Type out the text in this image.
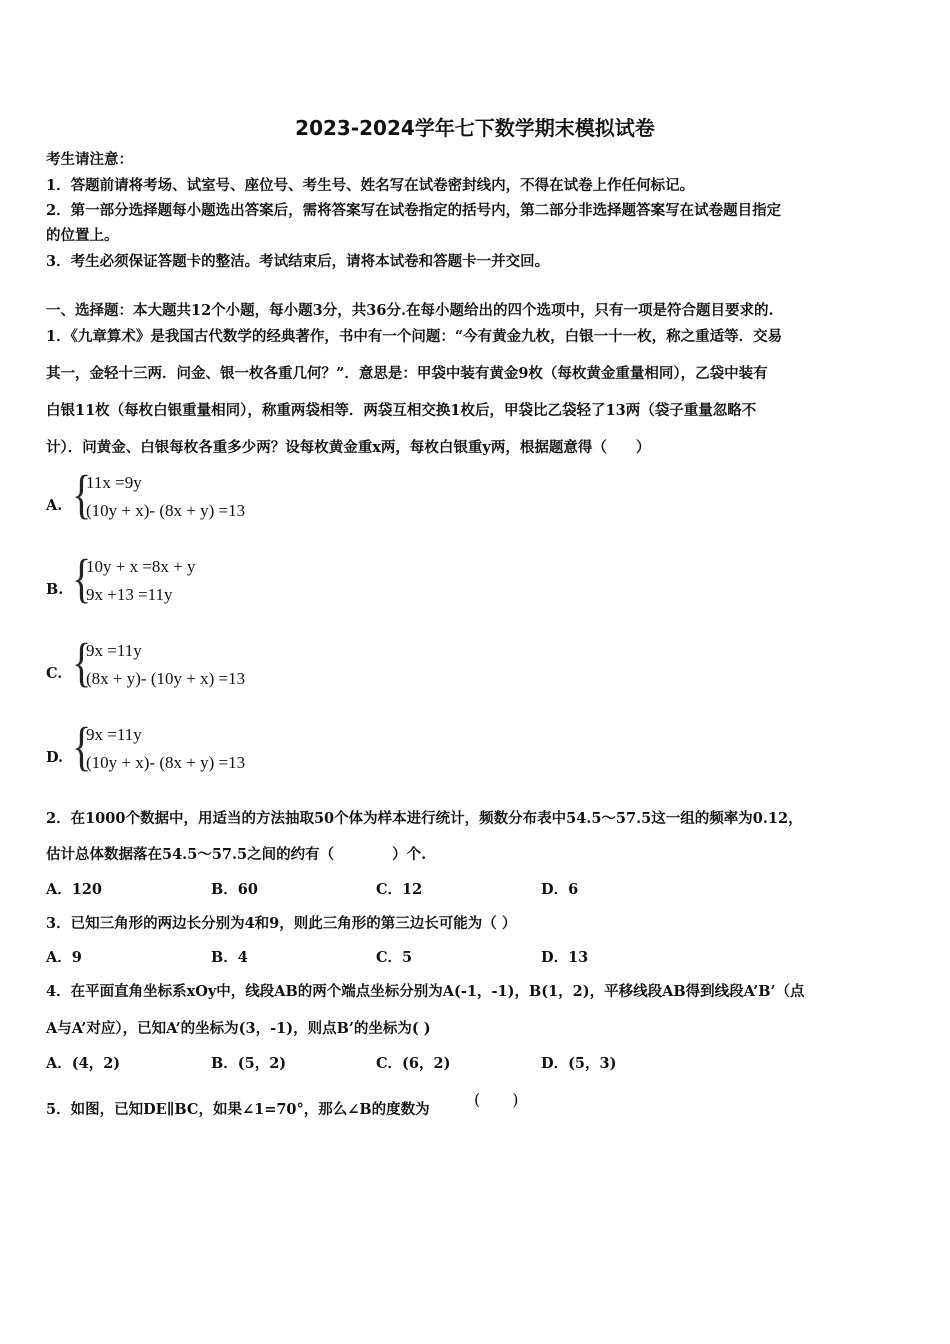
2023-2024学年七下数学期末模拟试卷
考生请注意：
1．答题前请将考场、试室号、座位号、考生号、姓名写在试卷密封线内，不得在试卷上作任何标记。
2．第一部分选择题每小题选出答案后，需将答案写在试卷指定的括号内，第二部分非选择题答案写在试卷题目指定
的位置上。
3．考生必须保证答题卡的整洁。考试结束后，请将本试卷和答题卡一并交回。
一、选择题：本大题共12个小题，每小题3分，共36分.在每小题给出的四个选项中，只有一项是符合题目要求的.
1．《九章算术》是我国古代数学的经典著作，书中有一个问题：“今有黄金九枚，白银一十一枚，称之重适等．交易
其一，金轻十三两．问金、银一枚各重几何？”．意思是：甲袋中装有黄金9枚（每枚黄金重量相同），乙袋中装有
白银11枚（每枚白银重量相同），称重两袋相等．两袋互相交换1枚后，甲袋比乙袋轻了13两（袋子重量忽略不
计）．问黄金、白银每枚各重多少两？设每枚黄金重x两，每枚白银重y两，根据题意得（　　）
A. {
11x =9y
(10y + x)- (8x + y) =13
B. {
10y + x =8x + y
9x +13 =11y
C. {
9x =11y
(8x + y)- (10y + x) =13
D. {
9x =11y
(10y + x)- (8x + y) =13
2．在1000个数据中，用适当的方法抽取50个体为样本进行统计，频数分布表中54.5～57.5这一组的频率为0.12，
估计总体数据落在54.5～57.5之间的约有（　　　　）个.
A．120	B．60	C．12	D．6
3．已知三角形的两边长分别为4和9，则此三角形的第三边长可能为（ ）
A．9	B．4	C．5	D．13
4．在平面直角坐标系xOy中，线段AB的两个端点坐标分别为A(-1，-1)，B(1，2)，平移线段AB得到线段A’B’（点
A与A’对应），已知A’的坐标为(3，-1)，则点B’的坐标为( )
A．(4，2)	B．(5，2)	C．(6，2)	D．(5，3)
5．如图，已知DE∥BC，如果∠1=70°，那么∠B的度数为
(　　)
